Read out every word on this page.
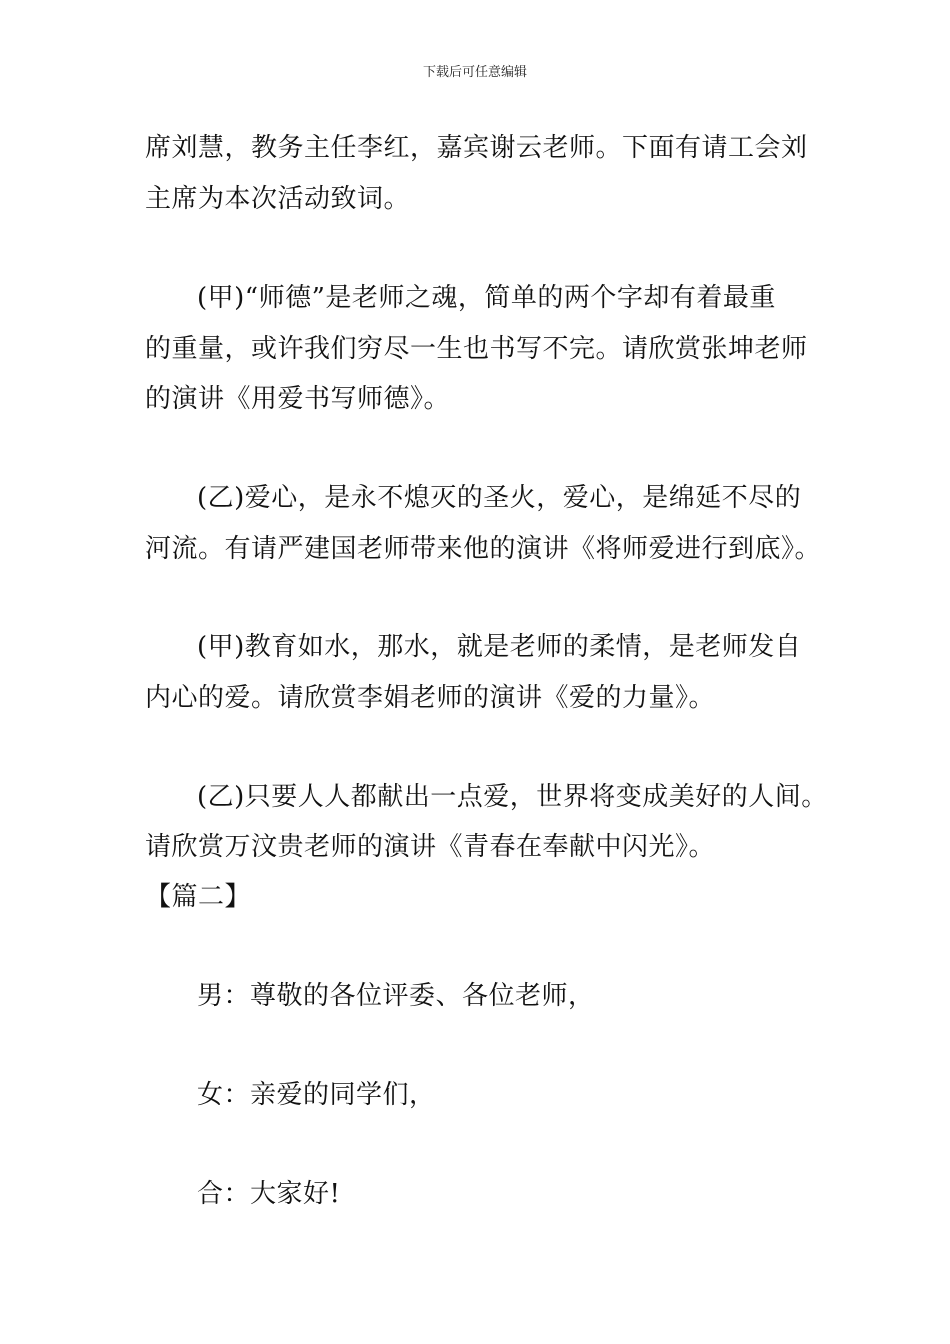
下载后可任意编辑
席刘慧，教务主任李红，嘉宾谢云老师。下面有请工会刘
主席为本次活动致词。
(甲)“师德”是老师之魂，简单的两个字却有着最重
的重量，或许我们穷尽一生也书写不完。请欣赏张坤老师
的演讲《用爱书写师德》。
(乙)爱心，是永不熄灭的圣火，爱心，是绵延不尽的
河流。有请严建国老师带来他的演讲《将师爱进行到底》。
(甲)教育如水，那水，就是老师的柔情，是老师发自
内心的爱。请欣赏李娟老师的演讲《爱的力量》。
(乙)只要人人都献出一点爱，世界将变成美好的人间。
请欣赏万汶贵老师的演讲《青春在奉献中闪光》。
【篇二】
男：尊敬的各位评委、各位老师，
女：亲爱的同学们，
合：大家好!
